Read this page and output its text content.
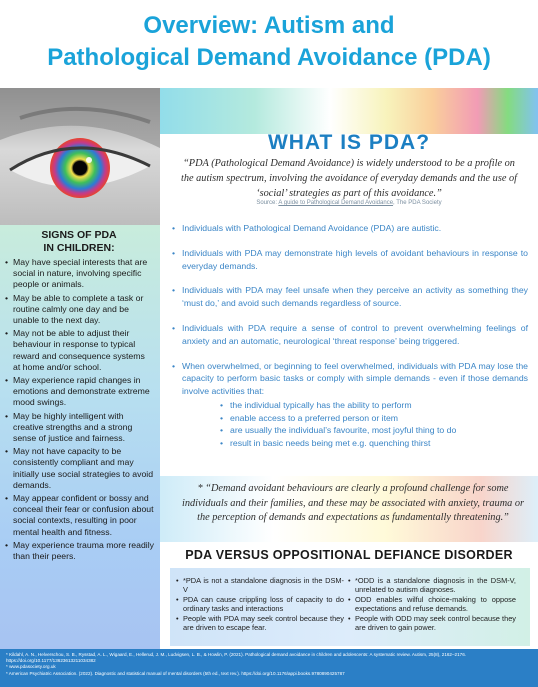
Overview: Autism and
Pathological Demand Avoidance (PDA)
SIGNS OF PDA
IN CHILDREN:
• May have special interests that are social in nature, involving specific people or animals.
• May be able to complete a task or routine calmly one day and be unable to the next day.
• May not be able to adjust their behaviour in response to typical reward and consequence systems at home and/or school.
• May experience rapid changes in emotions and demonstrate extreme mood swings.
• May be highly intelligent with creative strengths and a strong sense of justice and fairness.
• May not have capacity to be consistently compliant and may initially use social strategies to avoid demands.
• May appear confident or bossy and conceal their fear or confusion about social contexts, resulting in poor mental health and fitness.
• May experience trauma more readily than their peers.
WHAT IS PDA?
“PDA (Pathological Demand Avoidance) is widely understood to be a profile on the autism spectrum, involving the avoidance of everyday demands and the use of ‘social’ strategies as part of this avoidance.”
Source: A guide to Pathological Demand Avoidance, The PDA Society
• Individuals with Pathological Demand Avoidance (PDA) are autistic.
• Individuals with PDA may demonstrate high levels of avoidant behaviours in response to everyday demands.
• Individuals with PDA may feel unsafe when they perceive an activity as something they ‘must do,’ and avoid such demands regardless of source.
• Individuals with PDA require a sense of control to prevent overwhelming feelings of anxiety and an automatic, neurological ‘threat response’ being triggered.
• When overwhelmed, or beginning to feel overwhelmed, individuals with PDA may lose the capacity to perform basic tasks or comply with simple demands - even if those demands involve activities that:
• the individual typically has the ability to perform
• enable access to a preferred person or item
• are usually the individual’s favourite, most joyful thing to do
• result in basic needs being met e.g. quenching thirst
* “Demand avoidant behaviours are clearly a profound challenge for some individuals and their families, and these may be associated with anxiety, trauma or the perception of demands and expectations as fundamentally threatening.”
PDA VERSUS OPPOSITIONAL DEFIANCE DISORDER
• *PDA is not a standalone diagnosis in the DSM-V
• PDA can cause crippling loss of capacity to do ordinary tasks and interactions
• People with PDA may seek control because they are driven to escape fear.
• *ODD is a standalone diagnosis in the DSM-V, unrelated to autism diagnoses.
• ODD enables wilful choice-making to oppose expectations and refuse demands.
• People with ODD may seek control because they are driven to gain power.

* Kildahl, A. N., Helverschou, S. B., Rysstad, A. L., Wigaard, E., Hellerud, J. M., Ludvigsen, L. B., & Howlin, P. (2021). Pathological demand avoidance in children and adolescents: A systematic review. Autism, 25(8), 2162–2176. https://doi.org/10.1177/13623613211034382

* www.pdasociety.org.uk

* American Psychiatric Association. (2022). Diagnostic and statistical manual of mental disorders (5th ed., text rev.). https://doi.org/10.1176/appi.books.9780890425787
